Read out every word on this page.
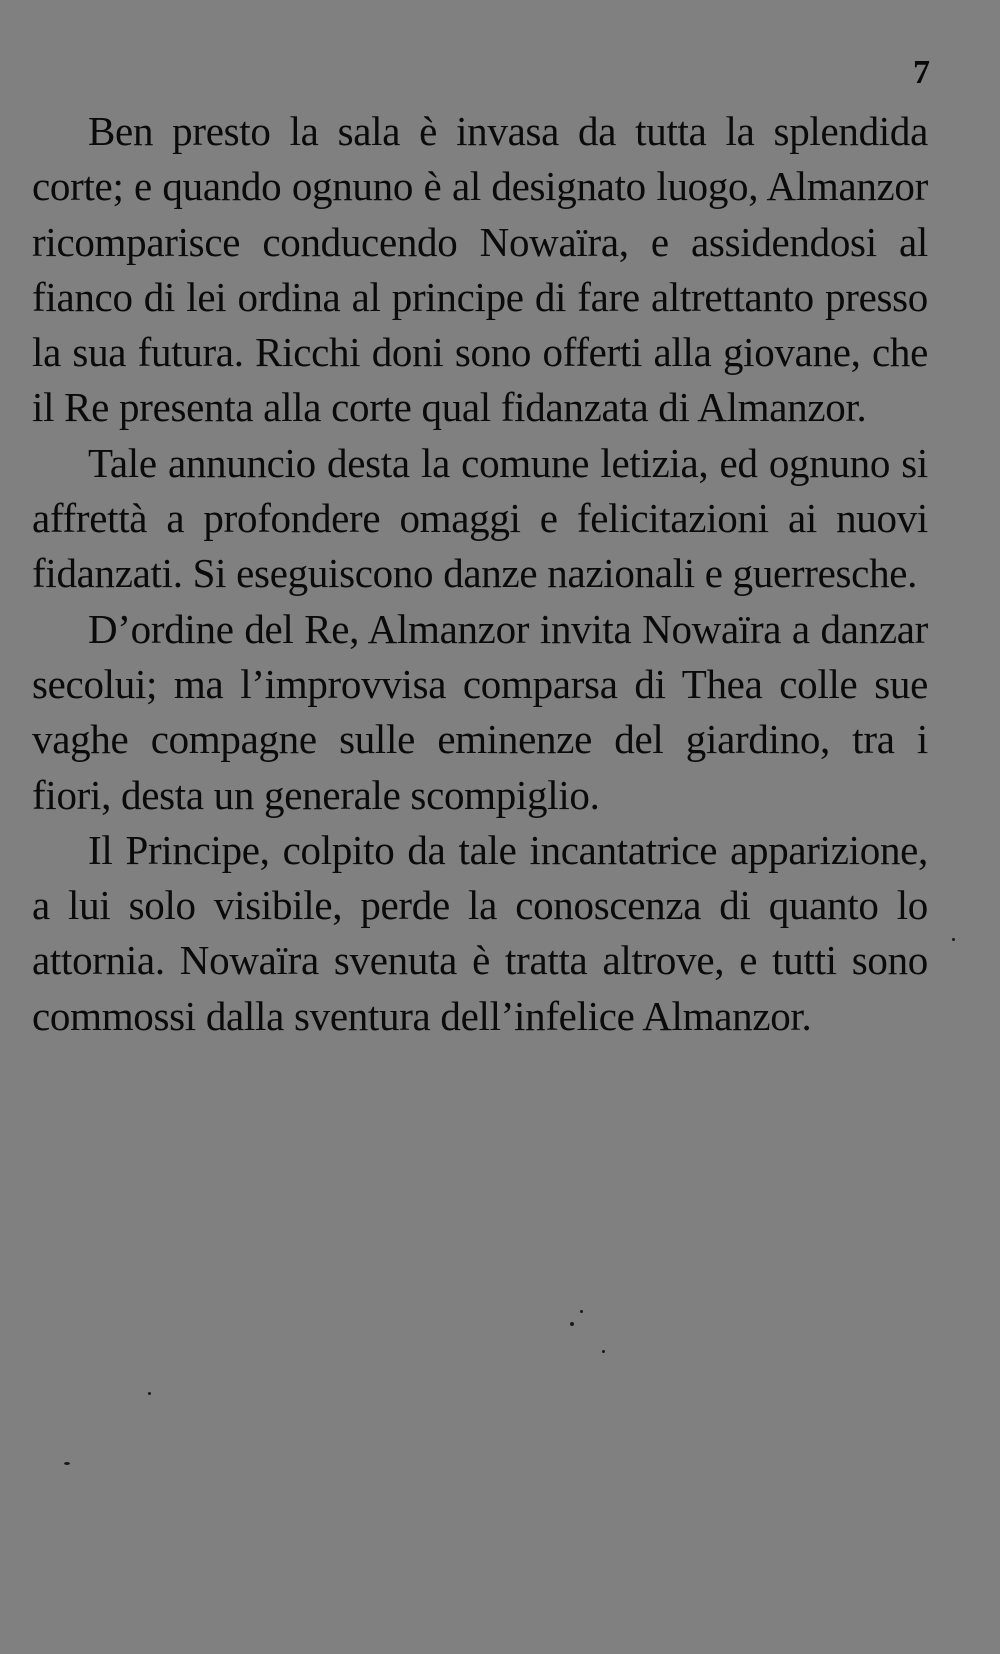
7

Ben presto la sala è invasa da tutta la splendida corte; e quando ognuno è al designato luogo, Almanzor ricomparisce conducendo Nowaïra, e assidendosi al fianco di lei ordina al principe di fare altrettanto presso la sua futura. Ricchi doni sono offerti alla giovane, che il Re presenta alla corte qual fidanzata di Almanzor.

Tale annuncio desta la comune letizia, ed ognuno si affrettà a profondere omaggi e felicitazioni ai nuovi fidanzati. Si eseguiscono danze nazionali e guerresche.

D’ordine del Re, Almanzor invita Nowaïra a danzar secolui; ma l’improvvisa comparsa di Thea colle sue vaghe compagne sulle eminenze del giardino, tra i fiori, desta un generale scompiglio.

Il Principe, colpito da tale incantatrice apparizione, a lui solo visibile, perde la conoscenza di quanto lo attornia. Nowaïra svenuta è tratta altrove, e tutti sono commossi dalla sventura dell’infelice Almanzor.
